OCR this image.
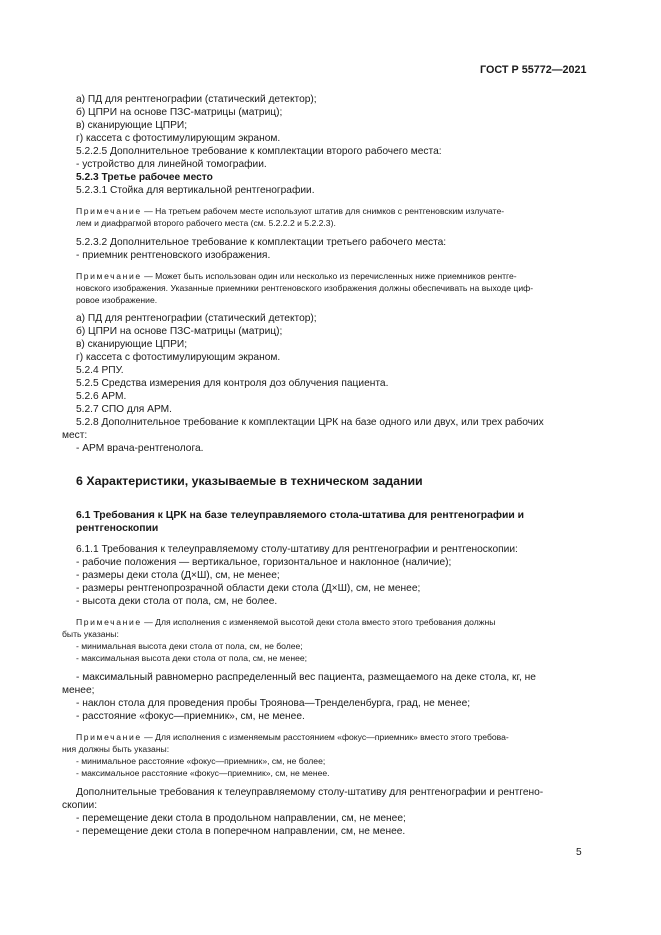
ГОСТ Р 55772—2021
а) ПД для рентгенографии (статический детектор);
б) ЦПРИ на основе ПЗС-матрицы (матриц);
в) сканирующие ЦПРИ;
г) кассета с фотостимулирующим экраном.
5.2.2.5 Дополнительное требование к комплектации второго рабочего места:
- устройство для линейной томографии.
5.2.3 Третье рабочее место
5.2.3.1 Стойка для вертикальной рентгенографии.
Примечание — На третьем рабочем месте используют штатив для снимков с рентгеновским излучате-
лем и диафрагмой второго рабочего места (см. 5.2.2.2 и 5.2.2.3).
5.2.3.2 Дополнительное требование к комплектации третьего рабочего места:
- приемник рентгеновского изображения.
Примечание — Может быть использован один или несколько из перечисленных ниже приемников рентге-
новского изображения. Указанные приемники рентгеновского изображения должны обеспечивать на выходе циф-
ровое изображение.
а) ПД для рентгенографии (статический детектор);
б) ЦПРИ на основе ПЗС-матрицы (матриц);
в) сканирующие ЦПРИ;
г) кассета с фотостимулирующим экраном.
5.2.4 РПУ.
5.2.5 Средства измерения для контроля доз облучения пациента.
5.2.6 АРМ.
5.2.7 СПО для АРМ.
5.2.8 Дополнительное требование к комплектации ЦРК на базе одного или двух, или трех рабочих
мест:
- АРМ врача-рентгенолога.
6 Характеристики, указываемые в техническом задании
6.1 Требования к ЦРК на базе телеуправляемого стола-штатива для рентгенографии и
рентгеноскопии
6.1.1 Требования к телеуправляемому столу-штативу для рентгенографии и рентгеноскопии:
- рабочие положения — вертикальное, горизонтальное и наклонное (наличие);
- размеры деки стола (Д×Ш), см, не менее;
- размеры рентгенопрозрачной области деки стола (Д×Ш), см, не менее;
- высота деки стола от пола, см, не более.
Примечание — Для исполнения с изменяемой высотой деки стола вместо этого требования должны
быть указаны:
- минимальная высота деки стола от пола, см, не более;
- максимальная высота деки стола от пола, см, не менее;
- максимальный равномерно распределенный вес пациента, размещаемого на деке стола, кг, не
менее;
- наклон стола для проведения пробы Троянова—Тренделенбурга, град, не менее;
- расстояние «фокус—приемник», см, не менее.
Примечание — Для исполнения с изменяемым расстоянием «фокус—приемник» вместо этого требова-
ния должны быть указаны:
- минимальное расстояние «фокус—приемник», см, не более;
- максимальное расстояние «фокус—приемник», см, не менее.
Дополнительные требования к телеуправляемому столу-штативу для рентгенографии и рентгено-
скопии:
- перемещение деки стола в продольном направлении, см, не менее;
- перемещение деки стола в поперечном направлении, см, не менее.
5
